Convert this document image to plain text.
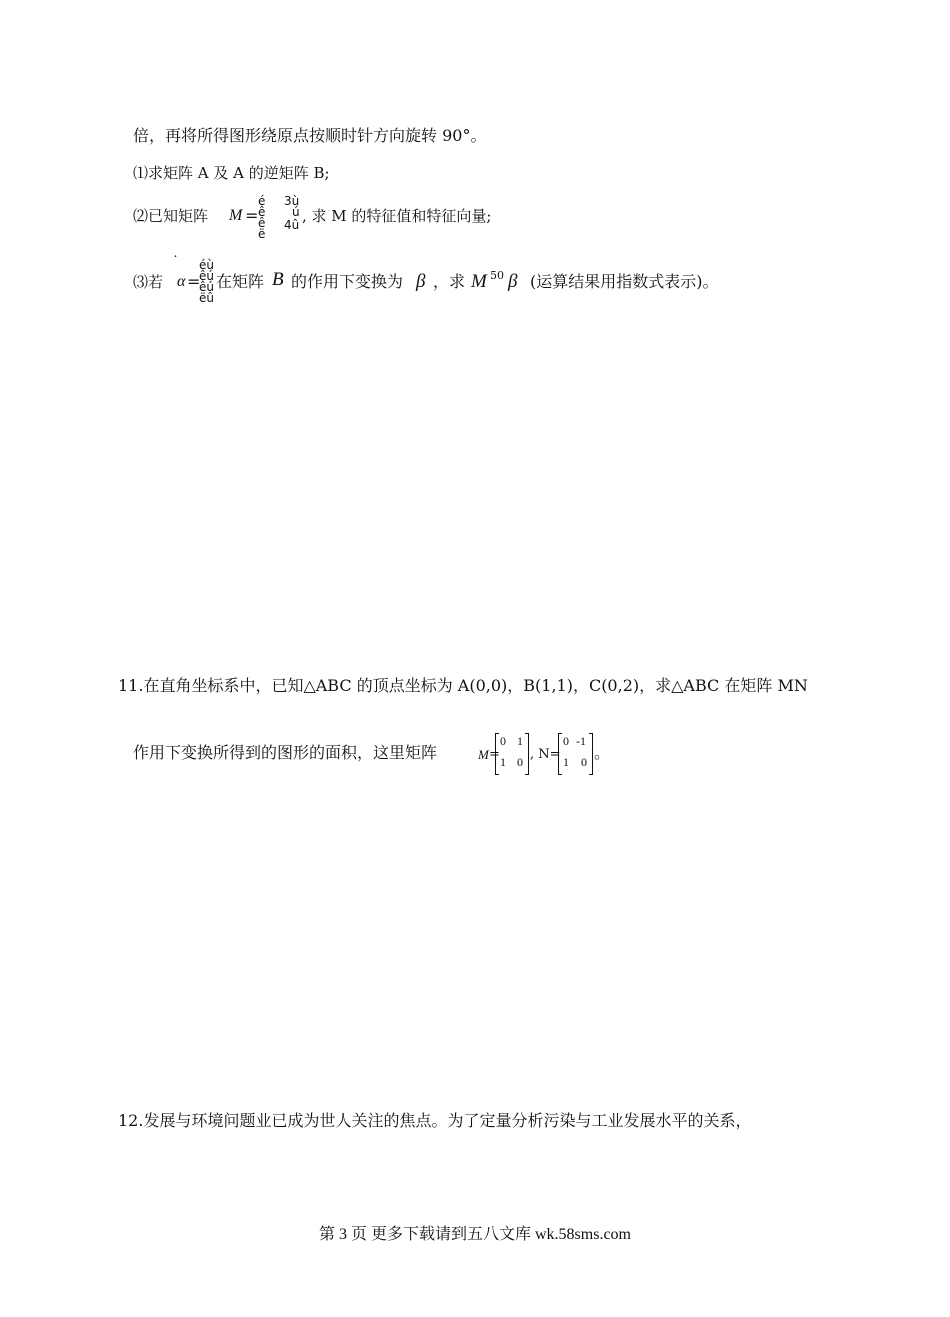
倍，再将所得图形绕原点按顺时针方向旋转 90°。
⑴求矩阵 A 及 A 的逆矩阵 B;
⑵已知矩阵 M =
é
ê
ê
ë
3ù
ú
4û , 求 M 的特征值和特征向量;
⑶若 α
˙
=
éù
êú
êú
ëû
在矩阵 B 的作用下变换为 β ，求 M 50 β (运算结果用指数式表示)。
11.在直角坐标系中，已知△ABC 的顶点坐标为 A(0,0)，B(1,1)，C(0,2)，求△ABC 在矩阵 MN
作用下变换所得到的图形的面积，这里矩阵	M =
0 1
1 0 , N=
0 -1
1 0 。
12.发展与环境问题业已成为世人关注的焦点。为了定量分析污染与工业发展水平的关系，
第 3 页 更多下载请到五八文库 wk.58sms.com
